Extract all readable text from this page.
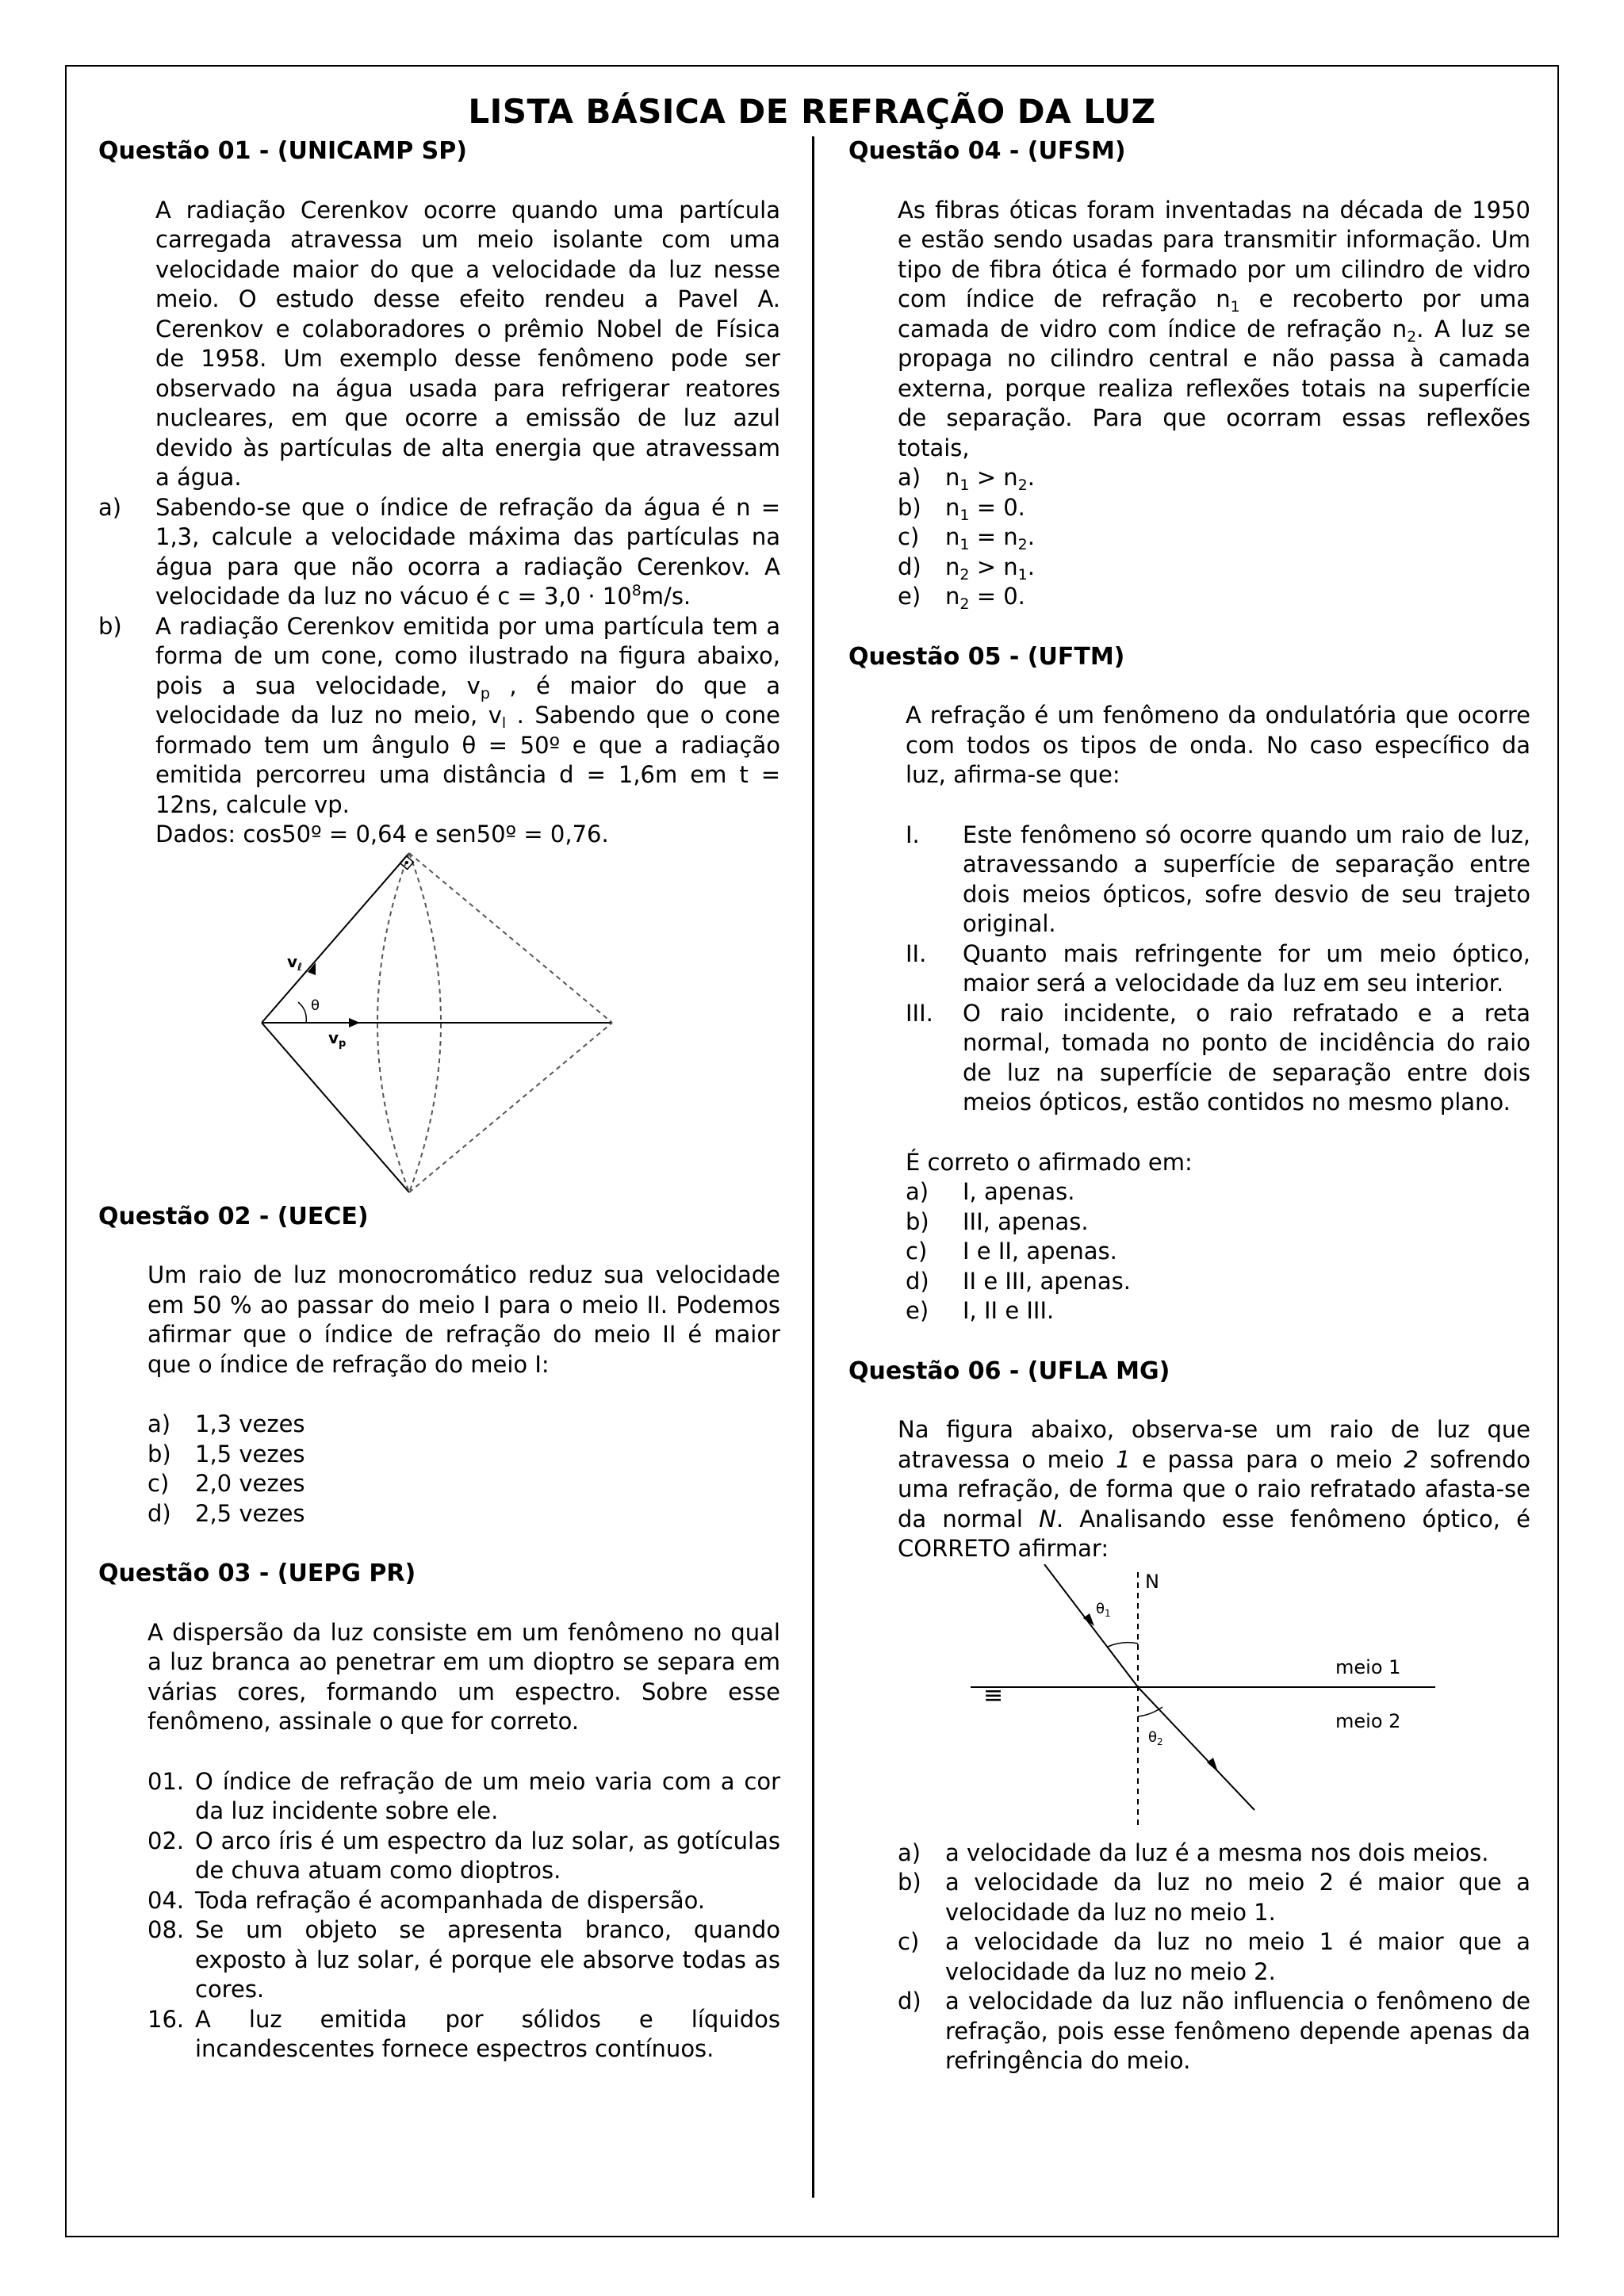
LISTA BÁSICA DE REFRAÇÃO DA LUZ

Questão 01 - (UNICAMP SP)

A radiação Cerenkov ocorre quando uma partícula carregada atravessa um meio isolante com uma velocidade maior do que a velocidade da luz nesse meio. O estudo desse efeito rendeu a Pavel A. Cerenkov e colaboradores o prêmio Nobel de Física de 1958. Um exemplo desse fenômeno pode ser observado na água usada para refrigerar reatores nucleares, em que ocorre a emissão de luz azul devido às partículas de alta energia que atravessam a água.

a)	Sabendo-se que o índice de refração da água é n = 1,3, calcule a velocidade máxima das partículas na água para que não ocorra a radiação Cerenkov. A velocidade da luz no vácuo é $c = 3,0 \cdot 10^8m/s$.
b)	A radiação Cerenkov emitida por uma partícula tem a forma de um cone, como ilustrado na figura abaixo, pois a sua velocidade, $v_p$ , é maior do que a velocidade da luz no meio, $v_l$ . Sabendo que o cone formado tem um ângulo θ = 50º e que a radiação emitida percorreu uma distância d = 1,6m em t = 12ns, calcule vp.

Dados: cos50º = 0,64 e sen50º = 0,76.

$v_\ell$
θ
$v_p$

Questão 02 - (UECE)

Um raio de luz monocromático reduz sua velocidade em 50 % ao passar do meio I para o meio II. Podemos afirmar que o índice de refração do meio II é maior que o índice de refração do meio I:

a)	1,3 vezes
b)	1,5 vezes
c)	2,0 vezes
d)	2,5 vezes

Questão 03 - (UEPG PR)

A dispersão da luz consiste em um fenômeno no qual a luz branca ao penetrar em um dioptro se separa em várias cores, formando um espectro. Sobre esse fenômeno, assinale o que for correto.

01. O índice de refração de um meio varia com a cor da luz incidente sobre ele.
02. O arco íris é um espectro da luz solar, as gotículas de chuva atuam como dioptros.
04. Toda refração é acompanhada de dispersão.
08. Se um objeto se apresenta branco, quando exposto à luz solar, é porque ele absorve todas as cores.
16. A luz emitida por sólidos e líquidos incandescentes fornece espectros contínuos.

Questão 04 - (UFSM)

As fibras óticas foram inventadas na década de 1950 e estão sendo usadas para transmitir informação. Um tipo de fibra ótica é formado por um cilindro de vidro com índice de refração $n_1$ e recoberto por uma camada de vidro com índice de refração $n_2$. A luz se propaga no cilindro central e não passa à camada externa, porque realiza reflexões totais na superfície de separação. Para que ocorram essas reflexões totais,

a)	$n_1 > n_2$.
b)	$n_1 = 0$.
c)	$n_1 = n_2$.
d)	$n_2 > n_1$.
e)	$n_2 = 0$.

Questão 05 - (UFTM)

A refração é um fenômeno da ondulatória que ocorre com todos os tipos de onda. No caso específico da luz, afirma-se que:

I.	Este fenômeno só ocorre quando um raio de luz, atravessando a superfície de separação entre dois meios ópticos, sofre desvio de seu trajeto original.
II.	Quanto mais refringente for um meio óptico, maior será a velocidade da luz em seu interior.
III.	O raio incidente, o raio refratado e a reta normal, tomada no ponto de incidência do raio de luz na superfície de separação entre dois meios ópticos, estão contidos no mesmo plano.

É correto o afirmado em:

a)	I, apenas.
b)	III, apenas.
c)	I e II, apenas.
d)	II e III, apenas.
e)	I, II e III.

Questão 06 - (UFLA MG)

Na figura abaixo, observa-se um raio de luz que atravessa o meio 1 e passa para o meio 2 sofrendo uma refração, de forma que o raio refratado afasta-se da normal N. Analisando esse fenômeno óptico, é CORRETO afirmar:

N
$\theta_1$
$\theta_2$
meio 1
meio 2
≡
a)	a velocidade da luz é a mesma nos dois meios.
b)	a velocidade da luz no meio 2 é maior que a velocidade da luz no meio 1.
c)	a velocidade da luz no meio 1 é maior que a velocidade da luz no meio 2.
d)	a velocidade da luz não influencia o fenômeno de refração, pois esse fenômeno depende apenas da refringência do meio.
